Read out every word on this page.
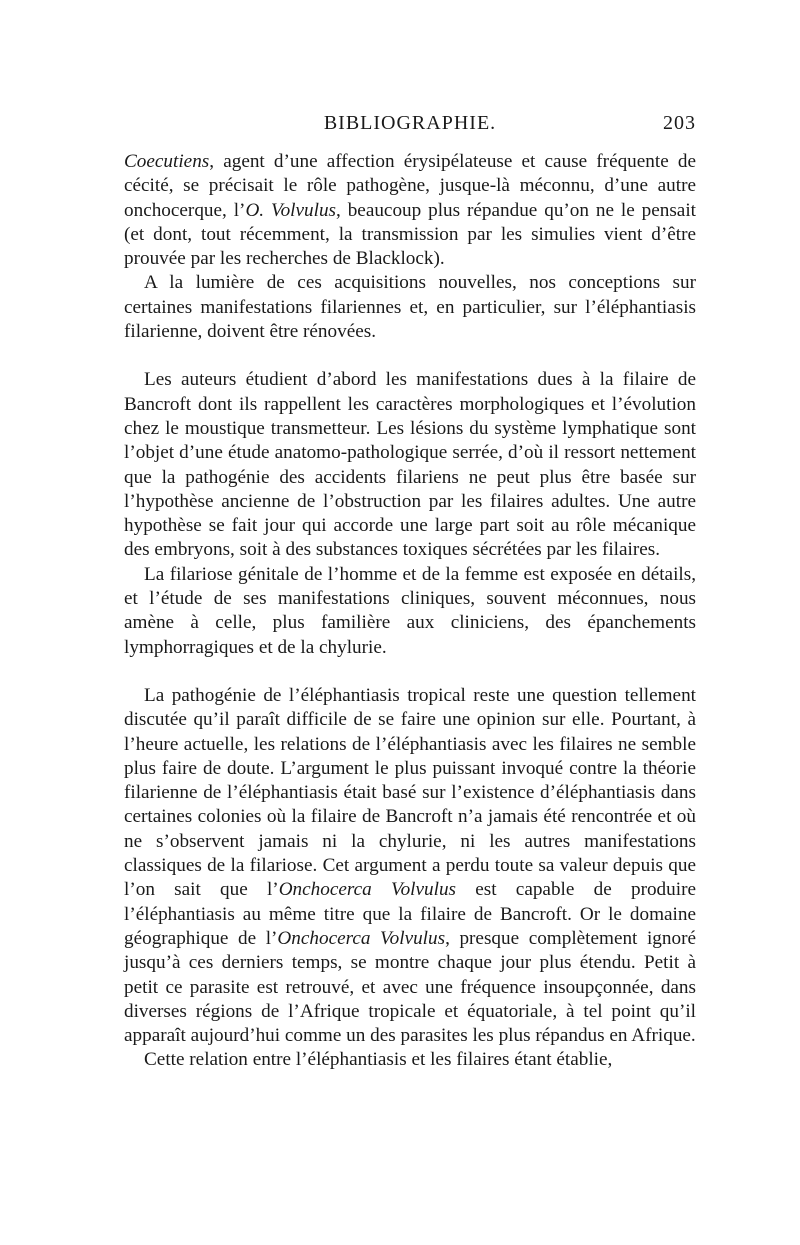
BIBLIOGRAPHIE.	203

Coecutiens, agent d’une affection érysipélateuse et cause fréquente de cécité, se précisait le rôle pathogène, jusque-là méconnu, d’une autre onchocerque, l’O. Volvulus, beaucoup plus répandue qu’on ne le pensait (et dont, tout récemment, la transmission par les simulies vient d’être prouvée par les recherches de Blacklock).

A la lumière de ces acquisitions nouvelles, nos conceptions sur certaines manifestations filariennes et, en particulier, sur l’éléphantiasis filarienne, doivent être rénovées.

Les auteurs étudient d’abord les manifestations dues à la filaire de Bancroft dont ils rappellent les caractères morphologiques et l’évolution chez le moustique transmetteur. Les lésions du système lymphatique sont l’objet d’une étude anatomo-pathologique serrée, d’où il ressort nettement que la pathogénie des accidents filariens ne peut plus être basée sur l’hypothèse ancienne de l’obstruction par les filaires adultes. Une autre hypothèse se fait jour qui accorde une large part soit au rôle mécanique des embryons, soit à des substances toxiques sécrétées par les filaires.

La filariose génitale de l’homme et de la femme est exposée en détails, et l’étude de ses manifestations cliniques, souvent méconnues, nous amène à celle, plus familière aux cliniciens, des épanchements lymphorragiques et de la chylurie.

La pathogénie de l’éléphantiasis tropical reste une question tellement discutée qu’il paraît difficile de se faire une opinion sur elle. Pourtant, à l’heure actuelle, les relations de l’éléphantiasis avec les filaires ne semble plus faire de doute. L’argument le plus puissant invoqué contre la théorie filarienne de l’éléphantiasis était basé sur l’existence d’éléphantiasis dans certaines colonies où la filaire de Bancroft n’a jamais été rencontrée et où ne s’observent jamais ni la chylurie, ni les autres manifestations classiques de la filariose. Cet argument a perdu toute sa valeur depuis que l’on sait que l’Onchocerca Volvulus est capable de produire l’éléphantiasis au même titre que la filaire de Bancroft. Or le domaine géographique de l’Onchocerca Volvulus, presque complètement ignoré jusqu’à ces derniers temps, se montre chaque jour plus étendu. Petit à petit ce parasite est retrouvé, et avec une fréquence insoupçonnée, dans diverses régions de l’Afrique tropicale et équatoriale, à tel point qu’il apparaît aujourd’hui comme un des parasites les plus répandus en Afrique.

Cette relation entre l’éléphantiasis et les filaires étant établie,
